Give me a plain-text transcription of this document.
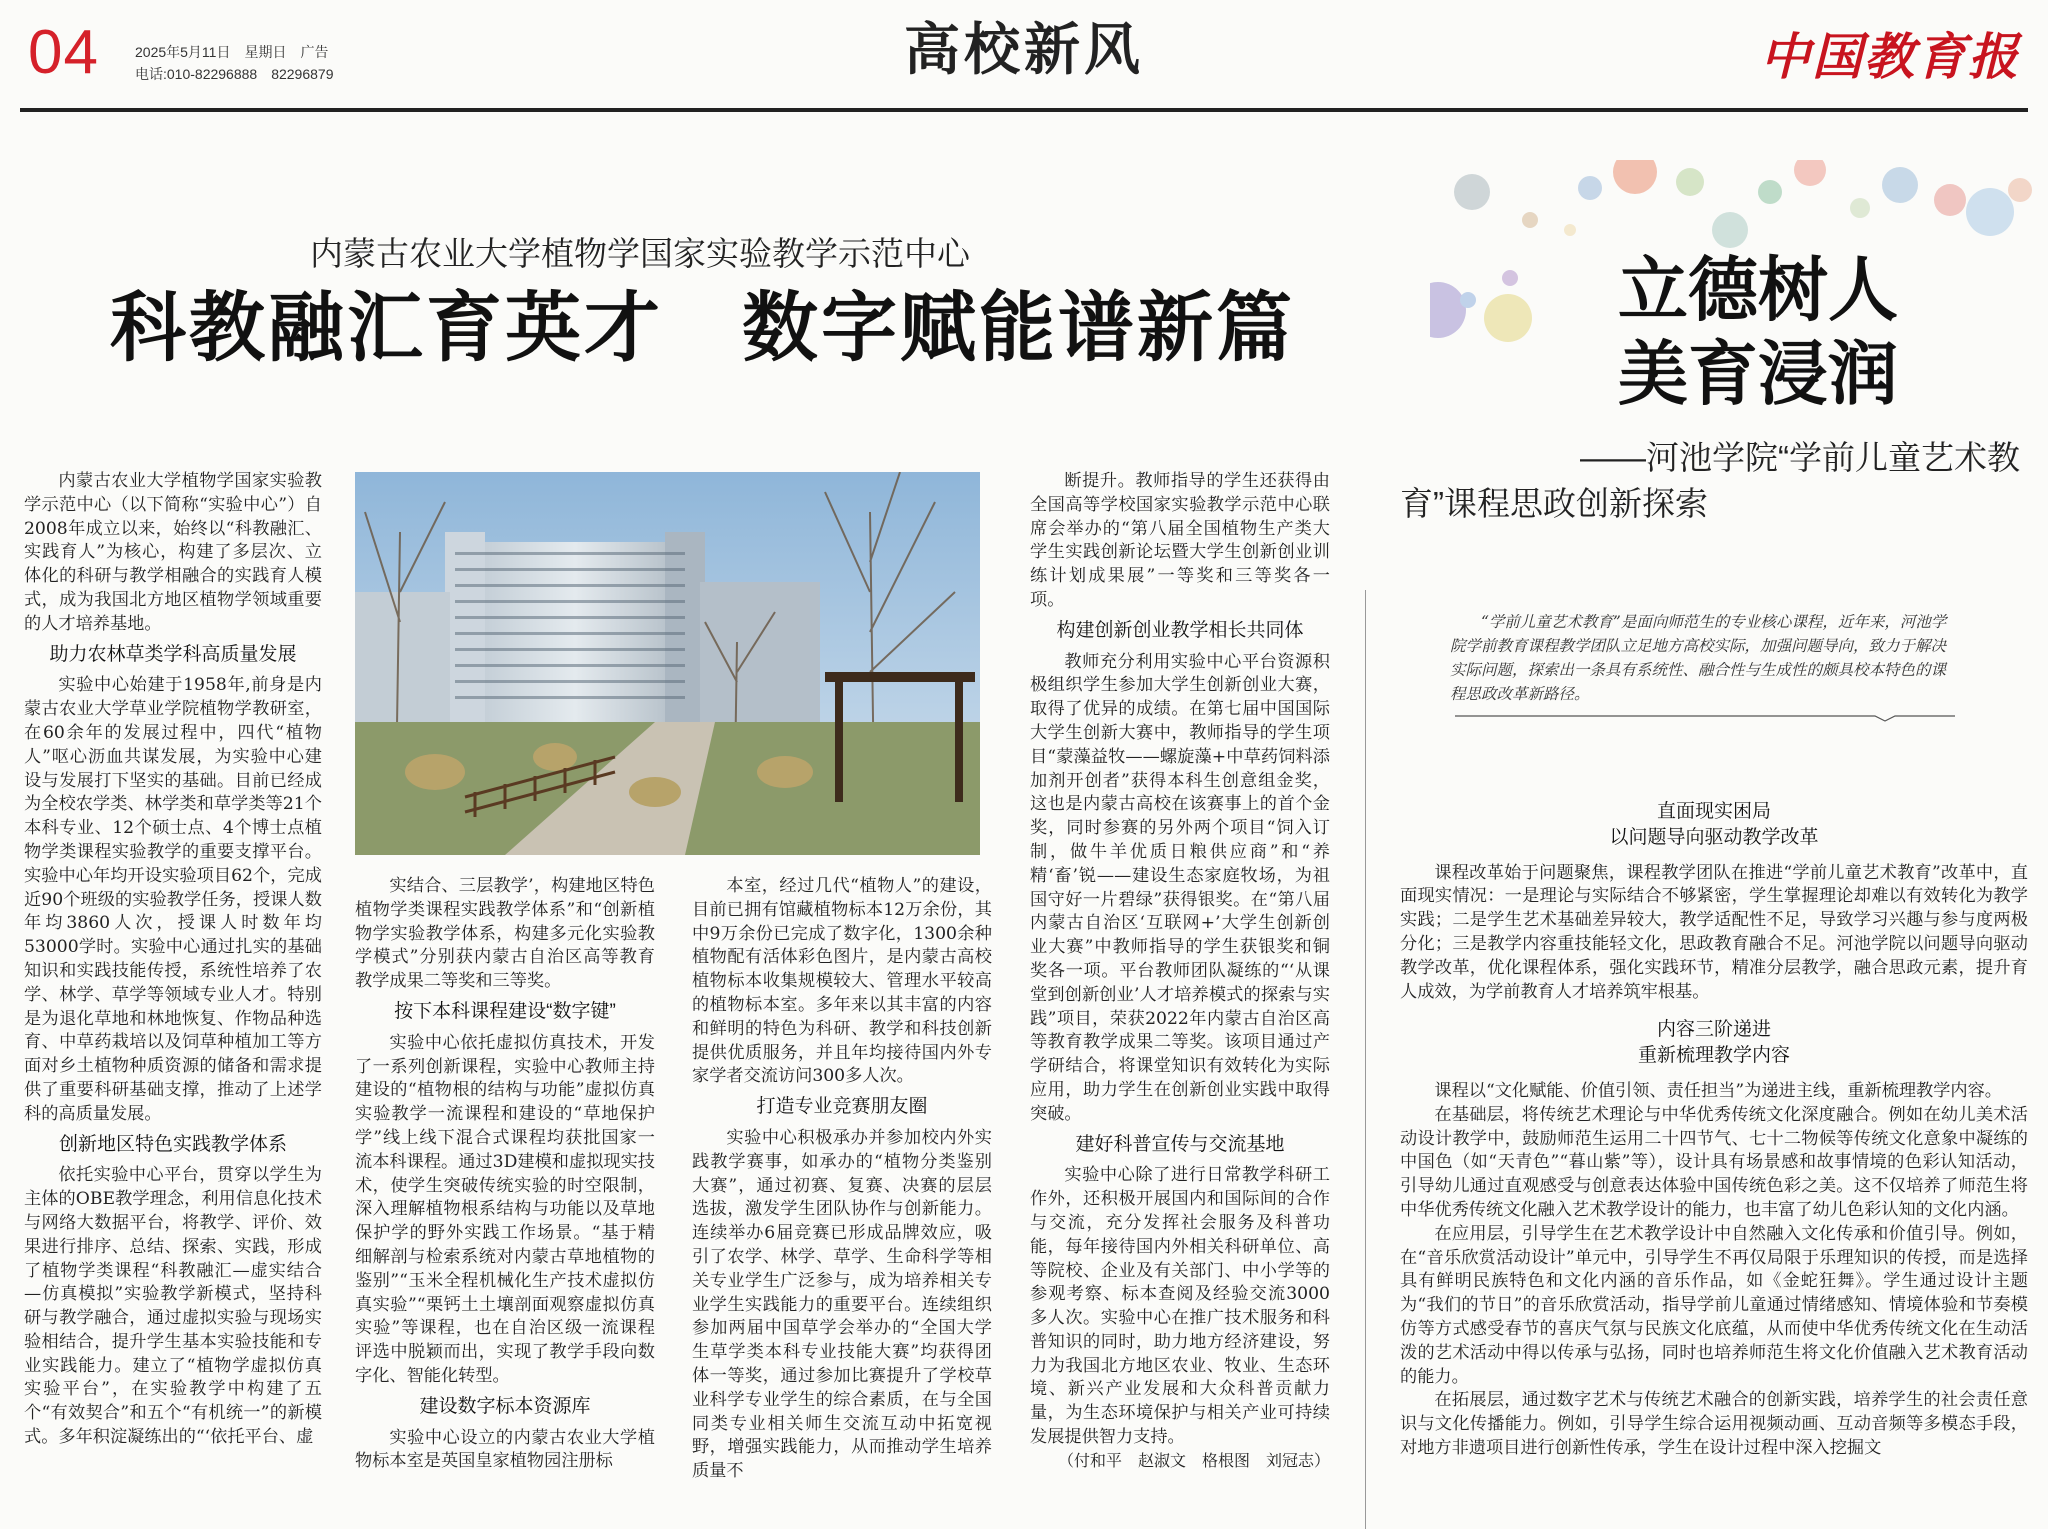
04	2025年5月11日　星期日　广告
电话:010-82296888　82296879	高校新风	中国教育报
内蒙古农业大学植物学国家实验教学示范中心
科教融汇育英才　数字赋能谱新篇

内蒙古农业大学植物学国家实验教学示范中心（以下简称“实验中心”）自2008年成立以来，始终以“科教融汇、实践育人”为核心，构建了多层次、立体化的科研与教学相融合的实践育人模式，成为我国北方地区植物学领域重要的人才培养基地。

助力农林草类学科高质量发展

实验中心始建于1958年,前身是内蒙古农业大学草业学院植物学教研室，在60余年的发展过程中，四代“植物人”呕心沥血共谋发展，为实验中心建设与发展打下坚实的基础。目前已经成为全校农学类、林学类和草学类等21个本科专业、12个硕士点、4个博士点植物学类课程实验教学的重要支撑平台。实验中心年均开设实验项目62个，完成近90个班级的实验教学任务，授课人数年均3860人次，授课人时数年均53000学时。实验中心通过扎实的基础知识和实践技能传授，系统性培养了农学、林学、草学等领域专业人才。特别是为退化草地和林地恢复、作物品种选育、中草药栽培以及饲草种植加工等方面对乡土植物种质资源的储备和需求提供了重要科研基础支撑，推动了上述学科的高质量发展。

创新地区特色实践教学体系

依托实验中心平台，贯穿以学生为主体的OBE教学理念，利用信息化技术与网络大数据平台，将教学、评价、效果进行排序、总结、探索、实践，形成了植物学类课程“科教融汇—虚实结合—仿真模拟”实验教学新模式，坚持科研与教学融合，通过虚拟实验与现场实验相结合，提升学生基本实验技能和专业实践能力。建立了“植物学虚拟仿真实验平台”，在实验教学中构建了五个“有效契合”和五个“有机统一”的新模式。多年积淀凝练出的“‘依托平台、虚

实结合、三层教学’，构建地区特色植物学类课程实践教学体系”和“创新植物学实验教学体系，构建多元化实验教学模式”分别获内蒙古自治区高等教育教学成果二等奖和三等奖。

按下本科课程建设“数字键”

实验中心依托虚拟仿真技术，开发了一系列创新课程，实验中心教师主持建设的“植物根的结构与功能”虚拟仿真实验教学一流课程和建设的“草地保护学”线上线下混合式课程均获批国家一流本科课程。通过3D建模和虚拟现实技术，使学生突破传统实验的时空限制，深入理解植物根系结构与功能以及草地保护学的野外实践工作场景。“基于精细解剖与检索系统对内蒙古草地植物的鉴别”“玉米全程机械化生产技术虚拟仿真实验”“栗钙土土壤剖面观察虚拟仿真实验”等课程，也在自治区级一流课程评选中脱颖而出，实现了教学手段向数字化、智能化转型。

建设数字标本资源库

实验中心设立的内蒙古农业大学植物标本室是英国皇家植物园注册标

本室，经过几代“植物人”的建设，目前已拥有馆藏植物标本12万余份，其中9万余份已完成了数字化，1300余种植物配有活体彩色图片，是内蒙古高校植物标本收集规模较大、管理水平较高的植物标本室。多年来以其丰富的内容和鲜明的特色为科研、教学和科技创新提供优质服务，并且年均接待国内外专家学者交流访问300多人次。

打造专业竞赛朋友圈

实验中心积极承办并参加校内外实践教学赛事，如承办的“植物分类鉴别大赛”，通过初赛、复赛、决赛的层层选拔，激发学生团队协作与创新能力。连续举办6届竞赛已形成品牌效应，吸引了农学、林学、草学、生命科学等相关专业学生广泛参与，成为培养相关专业学生实践能力的重要平台。连续组织参加两届中国草学会举办的“全国大学生草学类本科专业技能大赛”均获得团体一等奖，通过参加比赛提升了学校草业科学专业学生的综合素质，在与全国同类专业相关师生交流互动中拓宽视野，增强实践能力，从而推动学生培养质量不

断提升。教师指导的学生还获得由全国高等学校国家实验教学示范中心联席会举办的“第八届全国植物生产类大学生实践创新论坛暨大学生创新创业训练计划成果展”一等奖和三等奖各一项。

构建创新创业教学相长共同体

教师充分利用实验中心平台资源积极组织学生参加大学生创新创业大赛，取得了优异的成绩。在第七届中国国际大学生创新大赛中，教师指导的学生项目“蒙藻益牧——螺旋藻+中草药饲料添加剂开创者”获得本科生创意组金奖，这也是内蒙古高校在该赛事上的首个金奖，同时参赛的另外两个项目“饲入订制，做牛羊优质日粮供应商”和“养精‘畜’锐——建设生态家庭牧场，为祖国守好一片碧绿”获得银奖。在“第八届内蒙古自治区‘互联网+’大学生创新创业大赛”中教师指导的学生获银奖和铜奖各一项。平台教师团队凝练的“‘从课堂到创新创业’人才培养模式的探索与实践”项目，荣获2022年内蒙古自治区高等教育教学成果二等奖。该项目通过产学研结合，将课堂知识有效转化为实际应用，助力学生在创新创业实践中取得突破。

建好科普宣传与交流基地

实验中心除了进行日常教学科研工作外，还积极开展国内和国际间的合作与交流，充分发挥社会服务及科普功能，每年接待国内外相关科研单位、高等院校、企业及有关部门、中小学等的参观考察、标本查阅及经验交流3000多人次。实验中心在推广技术服务和科普知识的同时，助力地方经济建设，努力为我国北方地区农业、牧业、生态环境、新兴产业发展和大众科普贡献力量，为生态环境保护与相关产业可持续发展提供智力支持。

（付和平　赵淑文　格根图　刘冠志）
立德树人
美育浸润
——河池学院“学前儿童艺术教
育”课程思政创新探索
“学前儿童艺术教育”是面向师范生的专业核心课程，近年来，河池学院学前教育课程教学团队立足地方高校实际，加强问题导向，致力于解决实际问题，探索出一条具有系统性、融合性与生成性的颇具校本特色的课程思政改革新路径。
直面现实困局
以问题导向驱动教学改革

课程改革始于问题聚焦，课程教学团队在推进“学前儿童艺术教育”改革中，直面现实情况：一是理论与实际结合不够紧密，学生掌握理论却难以有效转化为教学实践；二是学生艺术基础差异较大，教学适配性不足，导致学习兴趣与参与度两极分化；三是教学内容重技能轻文化，思政教育融合不足。河池学院以问题导向驱动教学改革，优化课程体系，强化实践环节，精准分层教学，融合思政元素，提升育人成效，为学前教育人才培养筑牢根基。

内容三阶递进
重新梳理教学内容

课程以“文化赋能、价值引领、责任担当”为递进主线，重新梳理教学内容。

在基础层，将传统艺术理论与中华优秀传统文化深度融合。例如在幼儿美术活动设计教学中，鼓励师范生运用二十四节气、七十二物候等传统文化意象中凝练的中国色（如“天青色”“暮山紫”等），设计具有场景感和故事情境的色彩认知活动，引导幼儿通过直观感受与创意表达体验中国传统色彩之美。这不仅培养了师范生将中华优秀传统文化融入艺术教学设计的能力，也丰富了幼儿色彩认知的文化内涵。

在应用层，引导学生在艺术教学设计中自然融入文化传承和价值引导。例如，在“音乐欣赏活动设计”单元中，引导学生不再仅局限于乐理知识的传授，而是选择具有鲜明民族特色和文化内涵的音乐作品，如《金蛇狂舞》。学生通过设计主题为“我们的节日”的音乐欣赏活动，指导学前儿童通过情绪感知、情境体验和节奏模仿等方式感受春节的喜庆气氛与民族文化底蕴，从而使中华优秀传统文化在生动活泼的艺术活动中得以传承与弘扬，同时也培养师范生将文化价值融入艺术教育活动的能力。

在拓展层，通过数字艺术与传统艺术融合的创新实践，培养学生的社会责任意识与文化传播能力。例如，引导学生综合运用视频动画、互动音频等多模态手段，对地方非遗项目进行创新性传承，学生在设计过程中深入挖掘文
